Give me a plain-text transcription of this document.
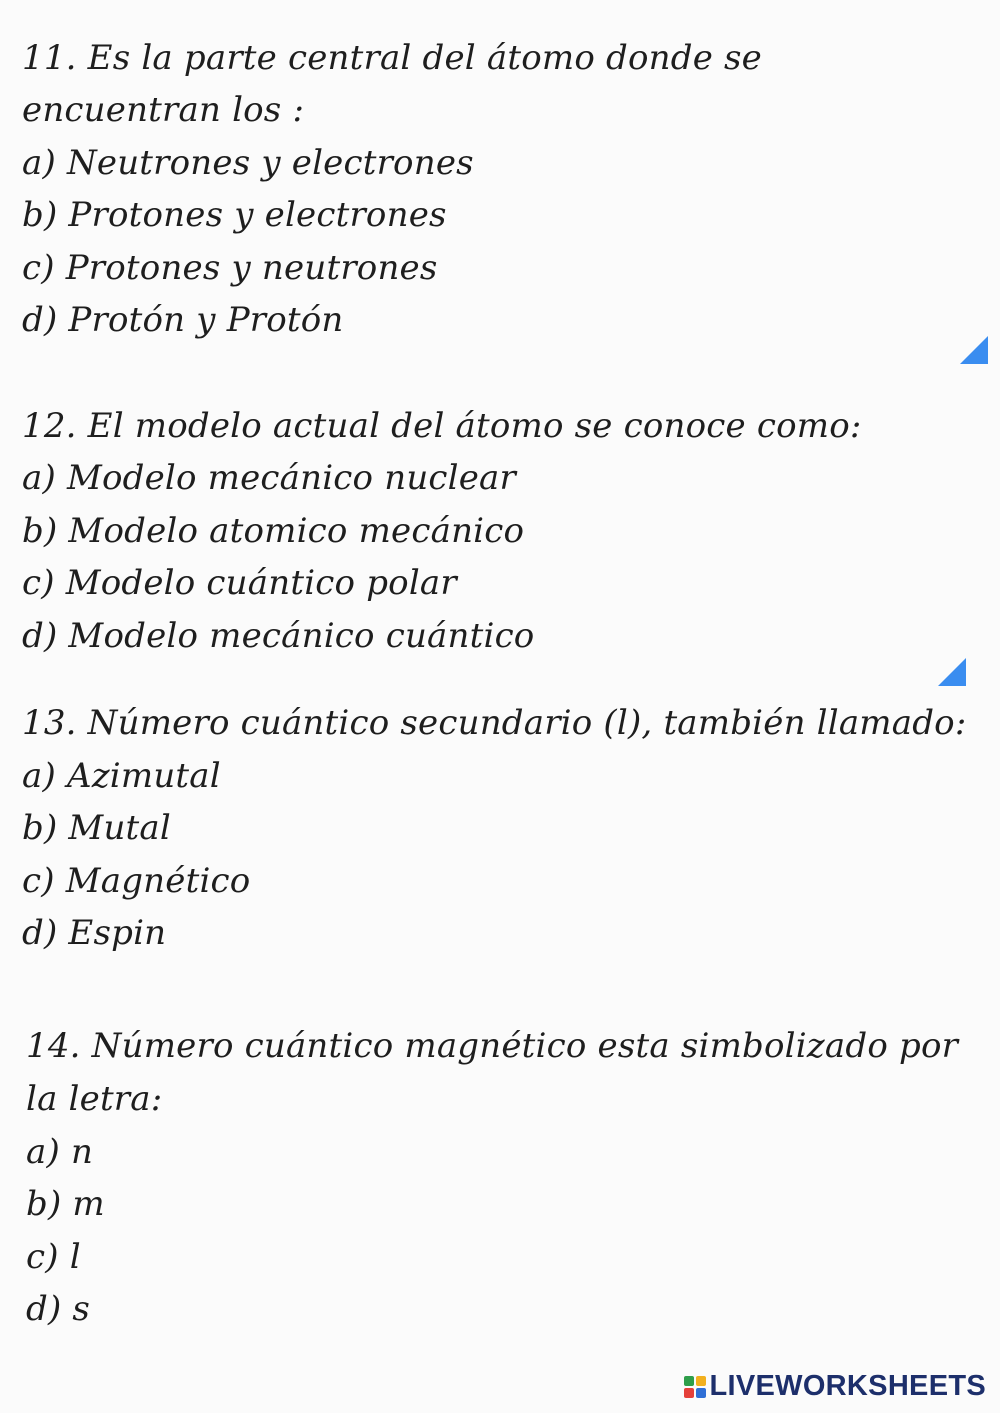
11. Es la parte central del átomo donde se
encuentran los :
a) Neutrones y electrones
b) Protones y electrones
c) Protones y neutrones
d) Protón y Protón
12. El modelo actual del átomo se conoce como:
a) Modelo mecánico nuclear
b) Modelo atomico mecánico
c) Modelo cuántico polar
d) Modelo mecánico cuántico
13. Número cuántico secundario (l), también llamado:
a) Azimutal
b) Mutal
c) Magnético
d) Espin
14. Número cuántico magnético esta simbolizado por
la letra:
a) n
b) m
c) l
d) s
LIVEWORKSHEETS
